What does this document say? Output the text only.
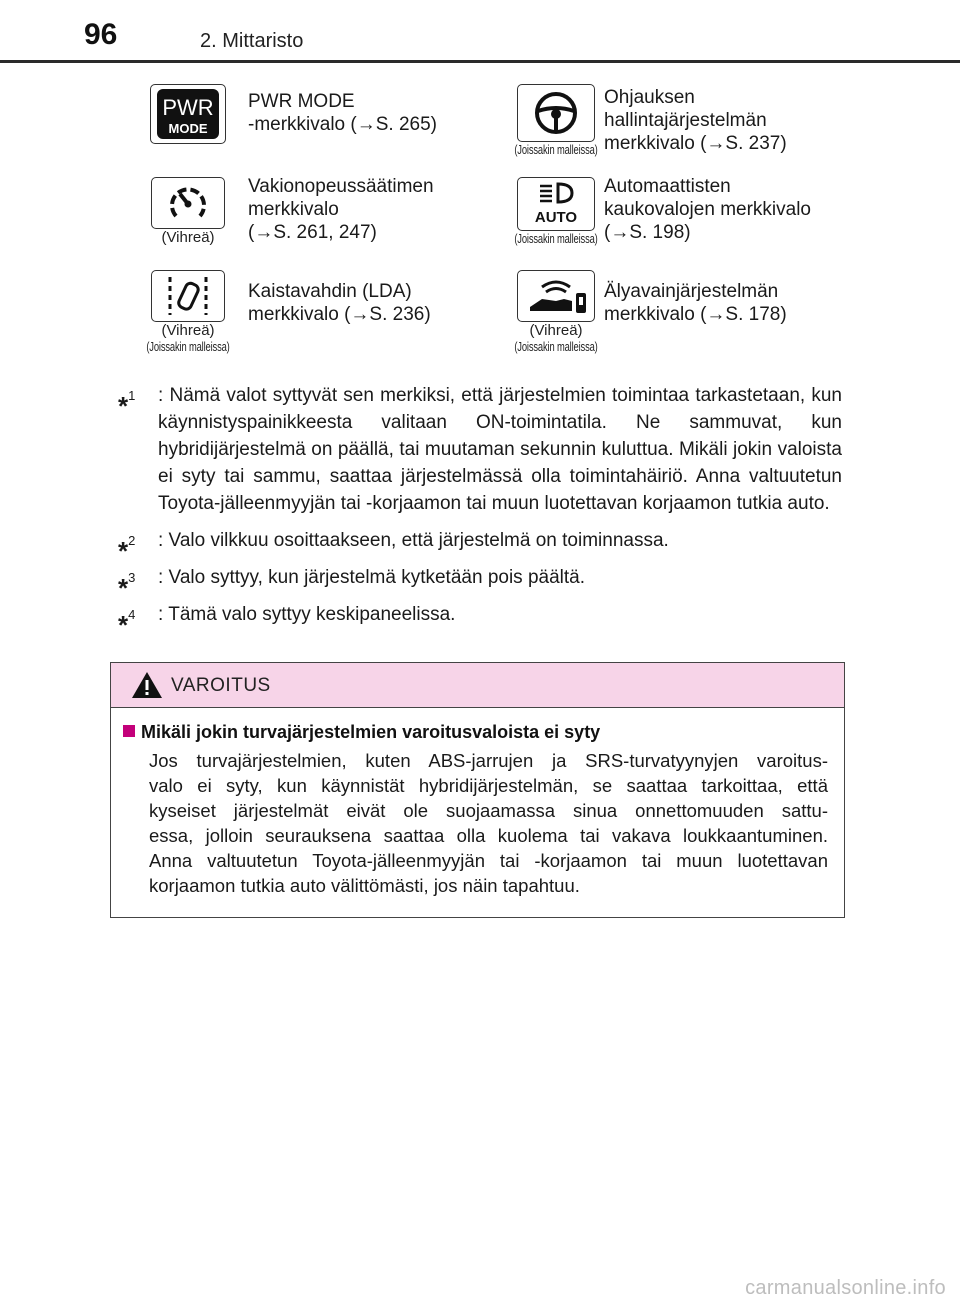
96	2. Mittaristo
PWR
MODE
PWR MODE
-merkkivalo (→S. 265)
(Joissakin malleissa)
Ohjauksen
hallintajärjestelmän
merkkivalo (→S. 237)
(Vihreä)
Vakionopeussäätimen
merkkivalo
(→S. 261, 247)
AUTO
(Joissakin malleissa)
Automaattisten
kaukovalojen merkkivalo
(→S. 198)
(Vihreä)
(Joissakin malleissa)
Kaistavahdin (LDA)
merkkivalo (→S. 236)
(Vihreä)
(Joissakin malleissa)
Älyavainjärjestelmän
merkkivalo (→S. 178)
*$^1$ : Nämä valot syttyvät sen merkiksi, että järjestelmien toimintaa tarkastetaan, kun käynnistyspainikkeesta valitaan ON-toimintatila. Ne sammuvat, kun hybridijärjestelmä on päällä, tai muutaman sekunnin kuluttua. Mikäli jokin valoista ei syty tai sammu, saattaa järjestelmässä olla toimintahäiriö. Anna valtuutetun Toyota-jälleenmyyjän tai -korjaamon tai muun luotettavan korjaamon tutkia auto.
*$^2$ : Valo vilkkuu osoittaakseen, että järjestelmä on toiminnassa.
*$^3$ : Valo syttyy, kun järjestelmä kytketään pois päältä.
*$^4$ : Tämä valo syttyy keskipaneelissa.
VAROITUS
Mikäli jokin turvajärjestelmien varoitusvaloista ei syty
Jos turvajärjestelmien, kuten ABS-jarrujen ja SRS-turvatyynyjen varoitus-
valo ei syty, kun käynnistät hybridijärjestelmän, se saattaa tarkoittaa, että
kyseiset järjestelmät eivät ole suojaamassa sinua onnettomuuden sattu-
essa, jolloin seurauksena saattaa olla kuolema tai vakava loukkaantuminen.
Anna valtuutetun Toyota-jälleenmyyjän tai -korjaamon tai muun luotettavan
korjaamon tutkia auto välittömästi, jos näin tapahtuu.
carmanualsonline.info
